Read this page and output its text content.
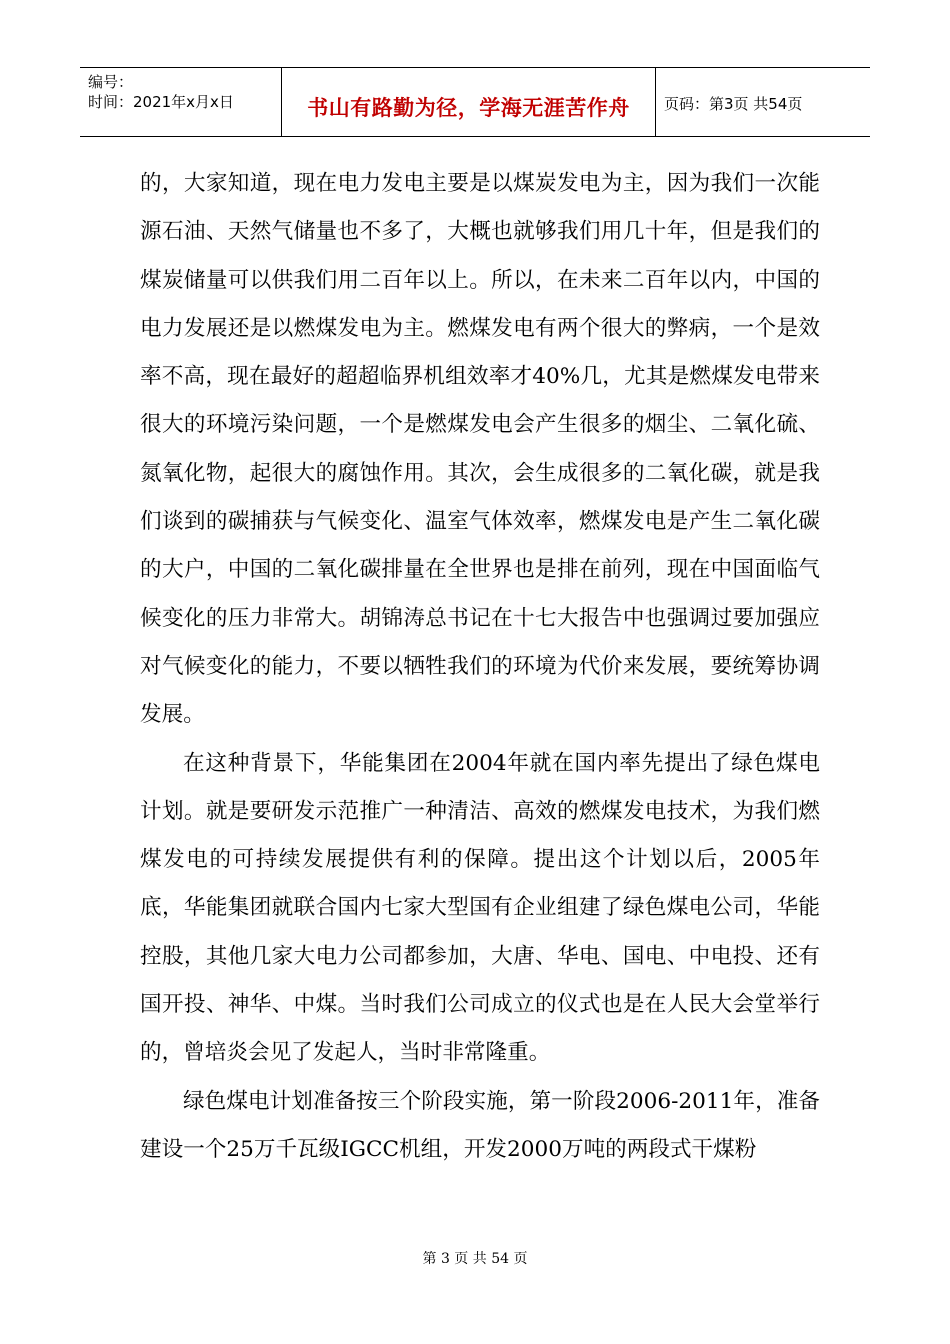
编号：
时间：2021年x月x日	书山有路勤为径，学海无涯苦作舟 页码：第3页 共54页

的，大家知道，现在电力发电主要是以煤炭发电为主，因为我们一次能源石油、天然气储量也不多了，大概也就够我们用几十年，但是我们的煤炭储量可以供我们用二百年以上。所以，在未来二百年以内，中国的电力发展还是以燃煤发电为主。燃煤发电有两个很大的弊病，一个是效率不高，现在最好的超超临界机组效率才40%几，尤其是燃煤发电带来很大的环境污染问题，一个是燃煤发电会产生很多的烟尘、二氧化硫、氮氧化物，起很大的腐蚀作用。其次，会生成很多的二氧化碳，就是我们谈到的碳捕获与气候变化、温室气体效率，燃煤发电是产生二氧化碳的大户，中国的二氧化碳排量在全世界也是排在前列，现在中国面临气候变化的压力非常大。胡锦涛总书记在十七大报告中也强调过要加强应对气候变化的能力，不要以牺牲我们的环境为代价来发展，要统筹协调发展。

在这种背景下，华能集团在2004年就在国内率先提出了绿色煤电计划。就是要研发示范推广一种清洁、高效的燃煤发电技术，为我们燃煤发电的可持续发展提供有利的保障。提出这个计划以后，2005年底，华能集团就联合国内七家大型国有企业组建了绿色煤电公司，华能控股，其他几家大电力公司都参加，大唐、华电、国电、中电投、还有国开投、神华、中煤。当时我们公司成立的仪式也是在人民大会堂举行的，曾培炎会见了发起人，当时非常隆重。

绿色煤电计划准备按三个阶段实施，第一阶段2006-2011年，准备建设一个25万千瓦级IGCC机组，开发2000万吨的两段式干煤粉

第 3 页 共 54 页
